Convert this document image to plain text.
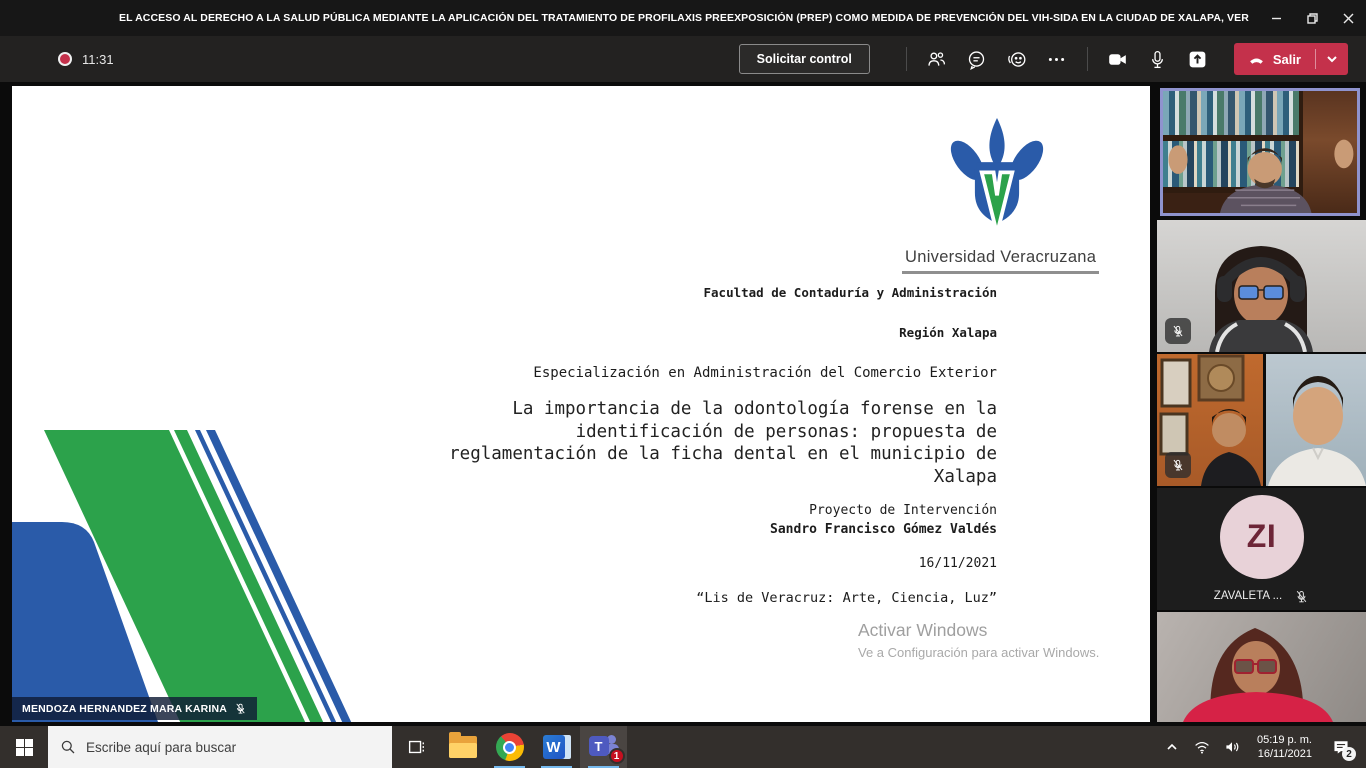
EL ACCESO AL DERECHO A LA SALUD PÚBLICA MEDIANTE LA APLICACIÓN DEL TRATAMIENTO DE PROFILAXIS PREEXPOSICIÓN (PREP) COMO MEDIDA DE PREVENCIÓN DEL VIH-SIDA EN LA CIUDAD DE XALAPA, VER
11:31	Solicitar control	Salir
Universidad Veracruzana
Facultad de Contaduría y Administración
Región Xalapa
Especialización en Administración del Comercio Exterior
La importancia de la odontología forense en la
identificación de personas: propuesta de
reglamentación de la ficha dental en el municipio de
Xalapa
Proyecto de Intervención
Sandro Francisco Gómez Valdés
16/11/2021
“Lis de Veracruz: Arte, Ciencia, Luz”
Activar Windows
Ve a Configuración para activar Windows.
MENDOZA HERNANDEZ MARA KARINA
ZI
ZAVALETA ...
Escribe aquí para buscar
W	T
1
05:19 p. m.
16/11/2021	2
